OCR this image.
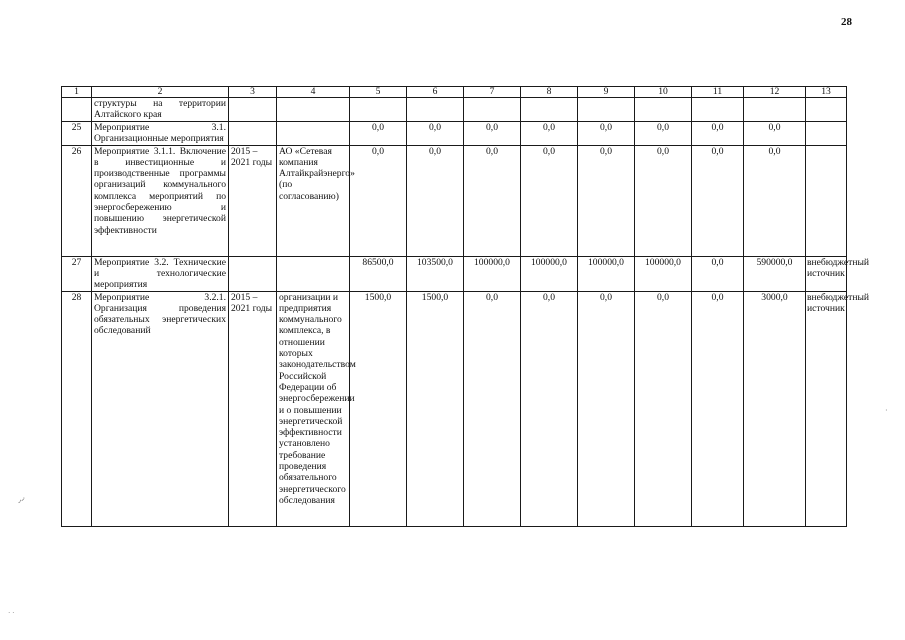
28
1	2	3	4	5	6	7	8	9	10	11	12	13
	структуры на территории Алтайского края											
25	Мероприятие 3.1. Организационные мероприятия			0,0	0,0	0,0	0,0	0,0	0,0	0,0	0,0	
26	Мероприятие 3.1.1. Включение в инвестиционные и производственные программы организаций коммунального комплекса мероприятий по энергосбережению и повышению энергетической эффективности	2015 – 2021 годы	АО «Сетевая компания Алтайкрайэнерго» (по согласованию)	0,0	0,0	0,0	0,0	0,0	0,0	0,0	0,0	
27	Мероприятие 3.2. Технические и технологические мероприятия			86500,0	103500,0	100000,0	100000,0	100000,0	100000,0	0,0	590000,0	внебюджетный источник
28	Мероприятие 3.2.1. Организация проведения обязательных энергетических обследований	2015 – 2021 годы	организации и предприятия коммунального комплекса, в отношении которых законодательством Российской Федерации об энергосбережении и о повышении энергетической эффективности установлено требование проведения обязательного энергетического обследования	1500,0	1500,0	0,0	0,0	0,0	0,0	0,0	3000,0	внебюджетный источник
-·-·
· ·
·
